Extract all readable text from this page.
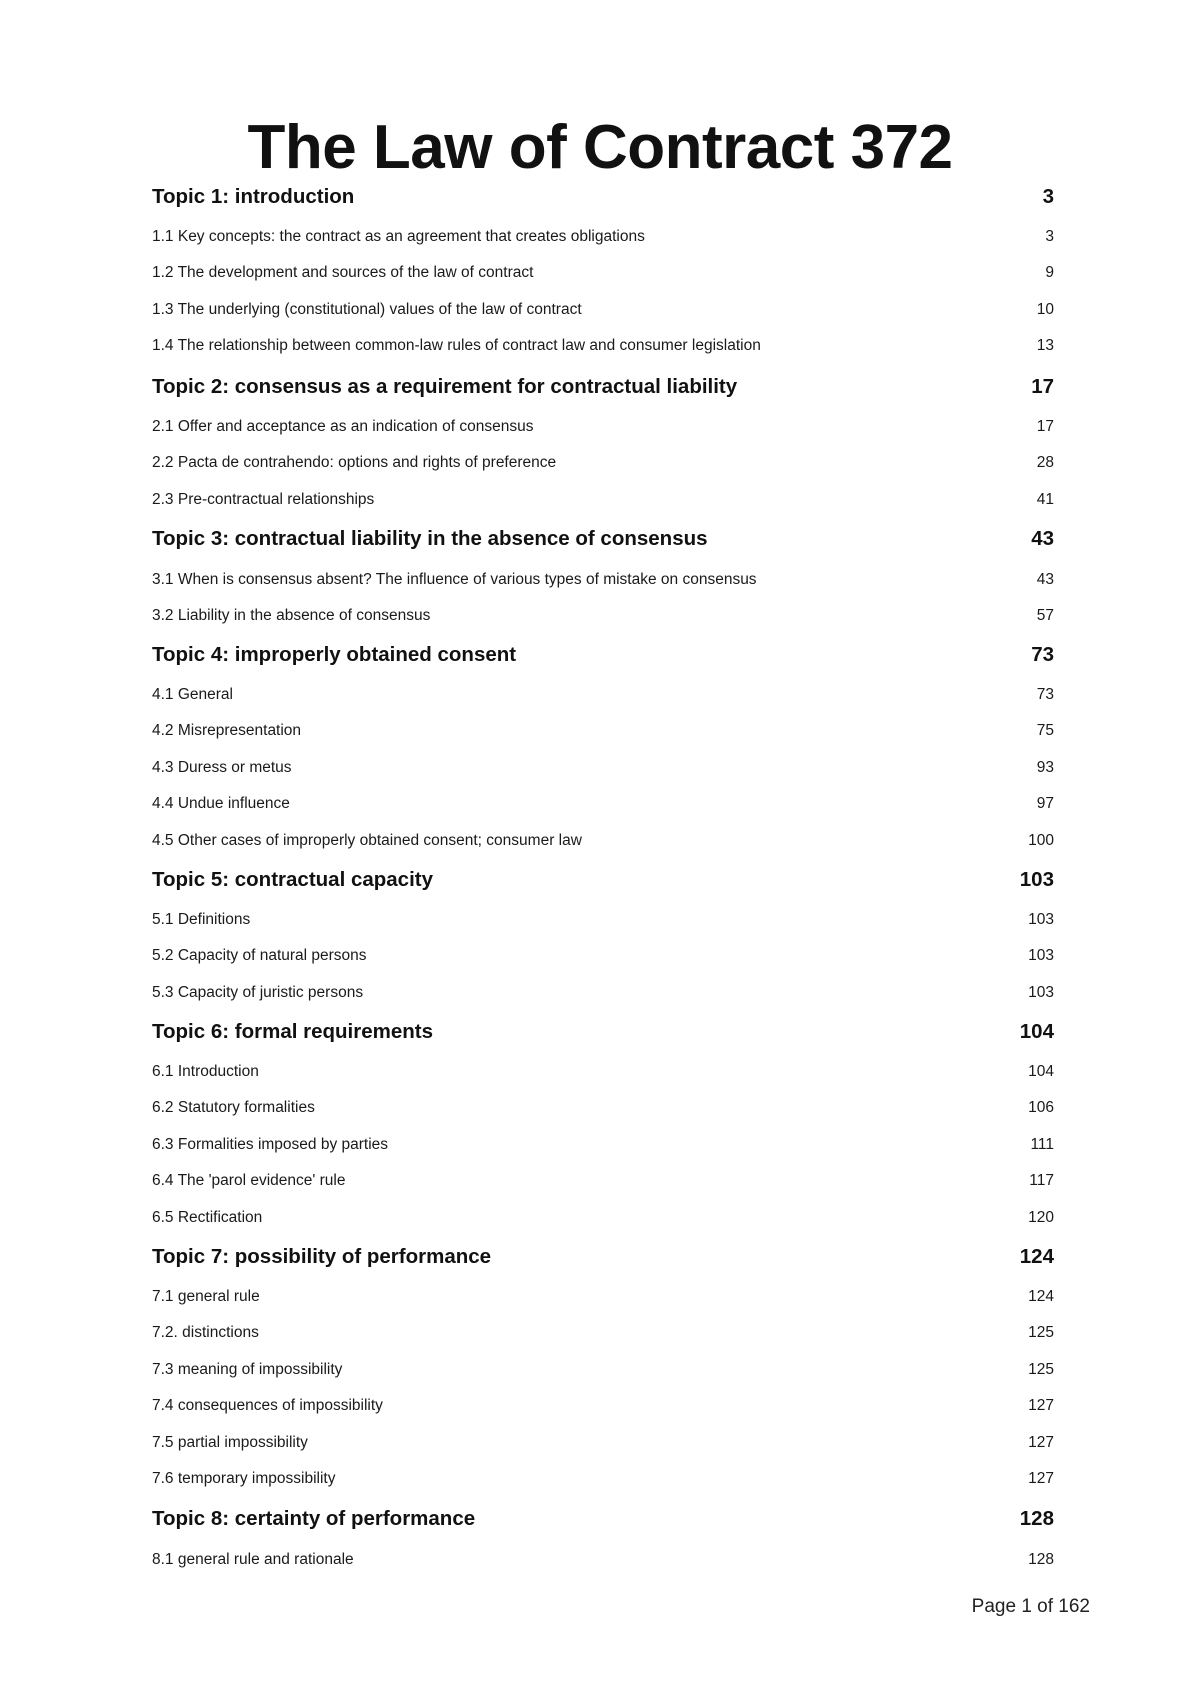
The Law of Contract 372
Topic 1: introduction	3
1.1 Key concepts: the contract as an agreement that creates obligations	3
1.2 The development and sources of the law of contract	9
1.3 The underlying (constitutional) values of the law of contract	10
1.4 The relationship between common-law rules of contract law and consumer legislation	13
Topic 2: consensus as a requirement for contractual liability	17
2.1 Offer and acceptance as an indication of consensus	17
2.2 Pacta de contrahendo: options and rights of preference	28
2.3 Pre-contractual relationships	41
Topic 3: contractual liability in the absence of consensus	43
3.1 When is consensus absent? The influence of various types of mistake on consensus	43
3.2 Liability in the absence of consensus	57
Topic 4: improperly obtained consent	73
4.1 General	73
4.2 Misrepresentation	75
4.3 Duress or metus	93
4.4 Undue influence	97
4.5 Other cases of improperly obtained consent; consumer law	100
Topic 5: contractual capacity	103
5.1 Definitions	103
5.2 Capacity of natural persons	103
5.3 Capacity of juristic persons	103
Topic 6: formal requirements	104
6.1 Introduction	104
6.2 Statutory formalities	106
6.3 Formalities imposed by parties	111
6.4 The 'parol evidence' rule	117
6.5 Rectification	120
Topic 7: possibility of performance	124
7.1 general rule	124
7.2. distinctions	125
7.3 meaning of impossibility	125
7.4 consequences of impossibility	127
7.5 partial impossibility	127
7.6 temporary impossibility	127
Topic 8: certainty of performance	128
8.1 general rule and rationale	128
Page 1 of 162
